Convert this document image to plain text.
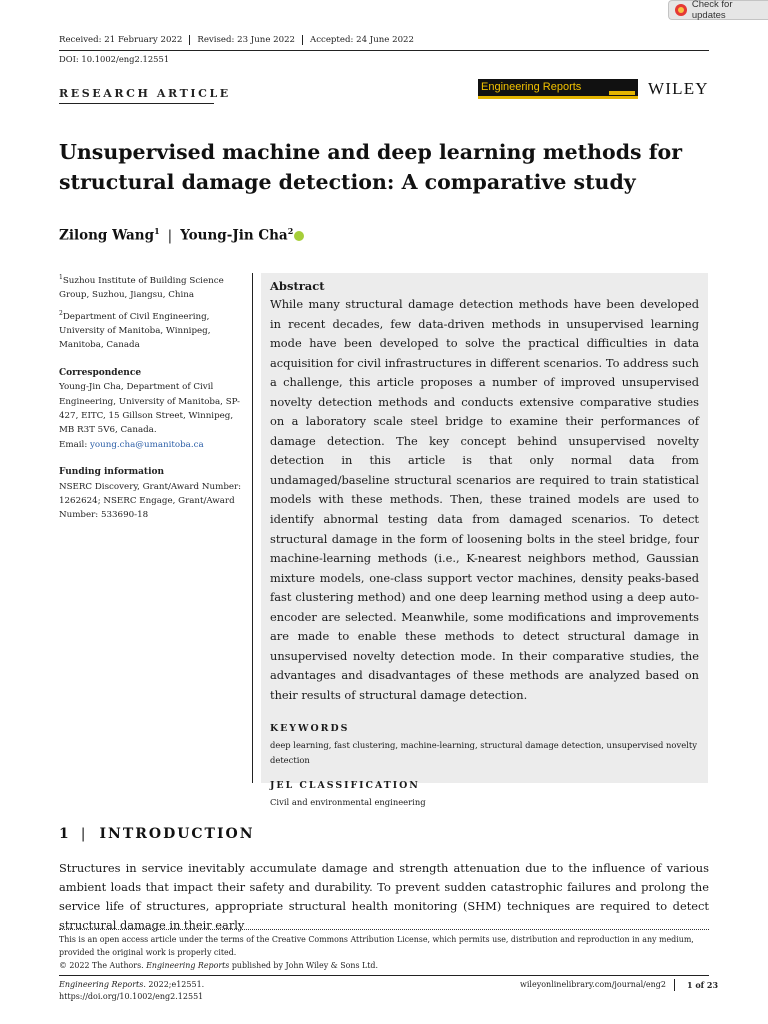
Check for updates
Received: 21 February 2022	Revised: 23 June 2022	Accepted: 24 June 2022
DOI: 10.1002/eng2.12551
RESEARCH ARTICLE	Engineering Reports	WILEY
Unsupervised machine and deep learning methods for
structural damage detection: A comparative study
Zilong Wang$^1$ | Young-Jin Cha$^2$

$^1$Suzhou Institute of Building Science Group, Suzhou, Jiangsu, China

$^2$Department of Civil Engineering, University of Manitoba, Winnipeg, Manitoba, Canada

Correspondence
Young-Jin Cha, Department of Civil Engineering, University of Manitoba, SP-427, EITC, 15 Gillson Street, Winnipeg, MB R3T 5V6, Canada.
Email: young.cha@umanitoba.ca
Funding information
NSERC Discovery, Grant/Award Number: 1262624; NSERC Engage, Grant/Award Number: 533690-18
Abstract

While many structural damage detection methods have been developed in recent decades, few data-driven methods in unsupervised learning mode have been developed to solve the practical difficulties in data acquisition for civil infrastructures in different scenarios. To address such a challenge, this article proposes a number of improved unsupervised novelty detection methods and conducts extensive comparative studies on a laboratory scale steel bridge to examine their performances of damage detection. The key concept behind unsupervised novelty detection in this article is that only normal data from undamaged/baseline structural scenarios are required to train statistical models with these methods. Then, these trained models are used to identify abnormal testing data from damaged scenarios. To detect structural damage in the form of loosening bolts in the steel bridge, four machine-learning methods (i.e., K-nearest neighbors method, Gaussian mixture models, one-class support vector machines, density peaks-based fast clustering method) and one deep learning method using a deep auto-encoder are selected. Meanwhile, some modifications and improvements are made to enable these methods to detect structural damage in unsupervised novelty detection mode. In their comparative studies, the advantages and disadvantages of these methods are analyzed based on their results of structural damage detection.

KEYWORDS

deep learning, fast clustering, machine-learning, structural damage detection, unsupervised novelty detection

JEL CLASSIFICATION

Civil and environmental engineering

1 | INTRODUCTION

Structures in service inevitably accumulate damage and strength attenuation due to the influence of various ambient loads that impact their safety and durability. To prevent sudden catastrophic failures and prolong the service life of structures, appropriate structural health monitoring (SHM) techniques are required to detect structural damage in their early

This is an open access article under the terms of the Creative Commons Attribution License, which permits use, distribution and reproduction in any medium, provided the original work is properly cited.

© 2022 The Authors. Engineering Reports published by John Wiley & Sons Ltd.

Engineering Reports. 2022;e12551.
https://doi.org/10.1002/eng2.12551
wileyonlinelibrary.com/journal/eng2	1 of 23
